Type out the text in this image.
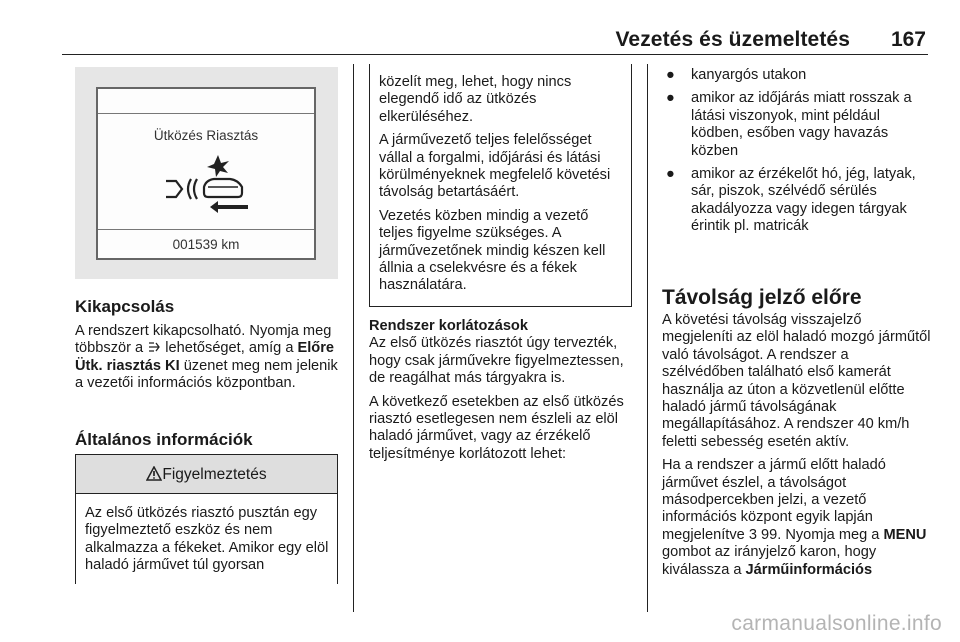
Vezetés és üzemeltetés 167
Ütközés Riasztás
001539 km
Kikapcsolás

A rendszert kikapcsolható. Nyomja meg többször a  lehetőséget, amíg a Előre Ütk. riasztás KI üzenet meg nem jelenik a vezetői információs központban.

Általános információk
Figyelmeztetés
Az első ütközés riasztó pusztán egy figyelmeztető eszköz és nem alkalmazza a fékeket. Amikor egy elöl haladó járművet túl gyorsan

közelít meg, lehet, hogy nincs elegendő idő az ütközés elkerüléséhez.

A járművezető teljes felelősséget vállal a forgalmi, időjárási és látási körülményeknek megfelelő követési távolság betartásáért.

Vezetés közben mindig a vezető teljes figyelme szükséges. A járművezetőnek mindig készen kell állnia a cselekvésre és a fékek használatára.

Rendszer korlátozások

Az első ütközés riasztót úgy tervezték, hogy csak járművekre figyelmeztessen, de reagálhat más tárgyakra is.

A következő esetekben az első ütközés riasztó esetlegesen nem észleli az elöl haladó járművet, vagy az érzékelő teljesítménye korlátozott lehet:

● kanyargós utakon
● amikor az időjárás miatt rosszak a látási viszonyok, mint például ködben, esőben vagy havazás közben
● amikor az érzékelőt hó, jég, latyak, sár, piszok, szélvédő sérülés akadályozza vagy idegen tárgyak érintik pl. matricák
Távolság jelző előre

A követési távolság visszajelző megjeleníti az elöl haladó mozgó járműtől való távolságot. A rendszer a szélvédőben található első kamerát használja az úton a közvetlenül előtte haladó jármű távolságának megállapításához. A rendszer 40 km/h feletti sebesség esetén aktív.

Ha a rendszer a jármű előtt haladó járművet észlel, a távolságot másodpercekben jelzi, a vezető információs központ egyik lapján megjelenítve 3 99. Nyomja meg a MENU gombot az irányjelző karon, hogy kiválassza a Járműinformációs

carmanualsonline.info
